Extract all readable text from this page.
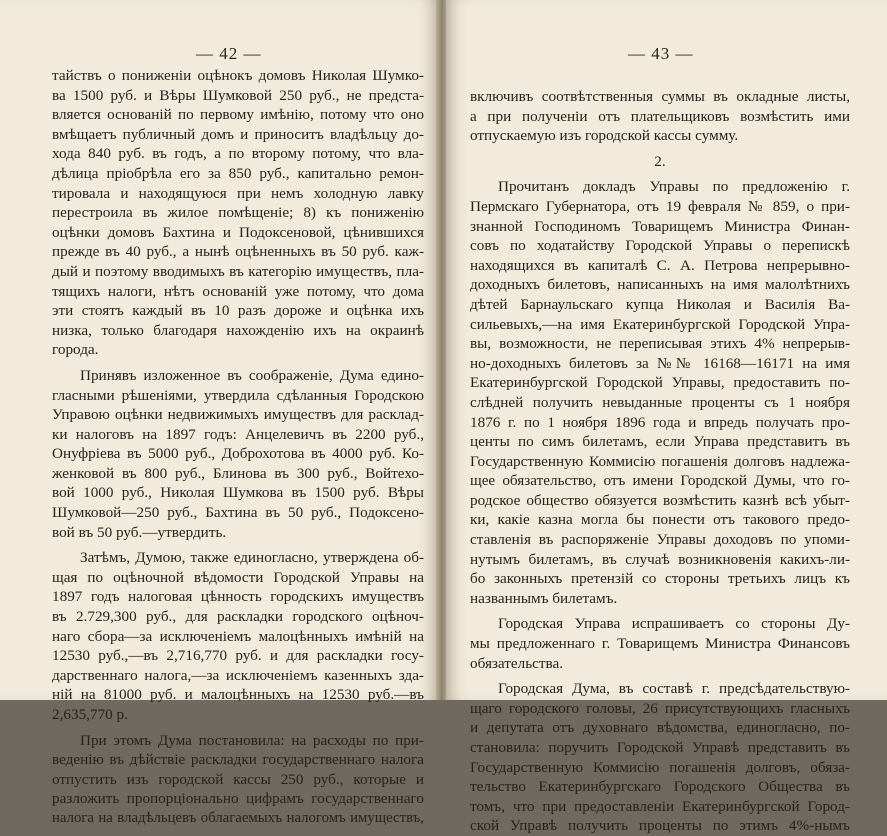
— 42 —
тайствъ о пониженіи оцѣнокъ домовъ Николая Шумко-
ва 1500 руб. и Вѣры Шумковой 250 руб., не предста-
вляется основаній по первому имѣнію, потому что оно
вмѣщаетъ публичный домъ и приноситъ владѣльцу до-
хода 840 руб. въ годъ, а по второму потому, что вла-
дѣлица пріобрѣла его за 850 руб., капитально ремон-
тировала и находящуюся при немъ холодную лавку
перестроила въ жилое помѣщеніе; 8) къ пониженію
оцѣнки домовъ Бахтина и Подоксеновой, цѣнившихся
прежде въ 40 руб., а нынѣ оцѣненныхъ въ 50 руб. каж-
дый и поэтому вводимыхъ въ категорію имуществъ, пла-
тящихъ налоги, нѣтъ основаній уже потому, что дома
эти стоятъ каждый въ 10 разъ дороже и оцѣнка ихъ
низка, только благодаря нахожденію ихъ на окраинѣ
города.
Принявъ изложенное въ соображеніе, Дума едино-
гласными рѣшеніями, утвердила сдѣланныя Городскою
Управою оцѣнки недвижимыхъ имуществъ для расклад-
ки налоговъ на 1897 годъ: Анцелевичъ въ 2200 руб.,
Онуфріева въ 5000 руб., Доброхотова въ 4000 руб. Ко-
женковой въ 800 руб., Блинова въ 300 руб., Войтехо-
вой 1000 руб., Николая Шумкова въ 1500 руб. Вѣры
Шумковой—250 руб., Бахтина въ 50 руб., Подоксено-
вой въ 50 руб.—утвердить.
Затѣмъ, Думою, также единогласно, утверждена об-
щая по оцѣночной вѣдомости Городской Управы на
1897 годъ налоговая цѣнность городскихъ имуществъ
въ 2.729,300 руб., для раскладки городского оцѣноч-
наго сбора—за исключеніемъ малоцѣнныхъ имѣній на
12530 руб.,—въ 2,716,770 руб. и для раскладки госу-
дарственнаго налога,—за исключеніемъ казенныхъ зда-
ній на 81000 руб. и малоцѣнныхъ на 12530 руб.—въ
2,635,770 р.
При этомъ Дума постановила: на расходы по при-
веденію въ дѣйствіе раскладки государственнаго налога
отпустить изъ городской кассы 250 руб., которые и
разложить пропорціонально цифрамъ государственнаго
налога на владѣльцевъ облагаемыхъ налогомъ имуществъ,
— 43 —
включивъ соотвѣтственныя суммы въ окладные листы,
а при полученіи отъ плательщиковъ возмѣстить ими
отпускаемую изъ городской кассы сумму.
2.
Прочитанъ докладъ Управы по предложенію г.
Пермскаго Губернатора, отъ 19 февраля № 859, о при-
знанной Господиномъ Товарищемъ Министра Финан-
совъ по ходатайству Городской Управы о перепискѣ
находящихся въ капиталѣ С. А. Петрова непрерывно-
доходныхъ билетовъ, написанныхъ на имя малолѣтнихъ
дѣтей Барнаульскаго купца Николая и Василія Ва-
сильевыхъ,—на имя Екатеринбургской Городской Упра-
вы, возможности, не переписывая этихъ 4% непрерыв-
но-доходныхъ билетовъ за №№ 16168—16171 на имя
Екатеринбургской Городской Управы, предоставить по-
слѣдней получить невыданные проценты съ 1 ноября
1876 г. по 1 ноября 1896 года и впредь получать про-
центы по симъ билетамъ, если Управа представитъ въ
Государственную Коммисію погашенія долговъ надлежа-
щее обязательство, отъ имени Городской Думы, что го-
родское общество обязуется возмѣстить казнѣ всѣ убыт-
ки, какіе казна могла бы понести отъ такового предо-
ставленія въ распоряженіе Управы доходовъ по упоми-
нутымъ билетамъ, въ случаѣ возникновенія какихъ-ли-
бо законныхъ претензій со стороны третьихъ лицъ къ
названнымъ билетамъ.
Городская Управа испрашиваетъ со стороны Ду-
мы предложеннаго г. Товарищемъ Министра Финансовъ
обязательства.
Городская Дума, въ составѣ г. предсѣдательствую-
щаго городского головы, 26 присутствующихъ гласныхъ
и депутата отъ духовнаго вѣдомства, единогласно, по-
становила: поручить Городской Управѣ представить въ
Государственную Коммисію погашенія долговъ, обяза-
тельство Екатеринбургскаго Городского Общества въ
томъ, что при предоставленіи Екатеринбургской Город-
ской Управѣ получить проценты по этимъ 4%-нымъ
